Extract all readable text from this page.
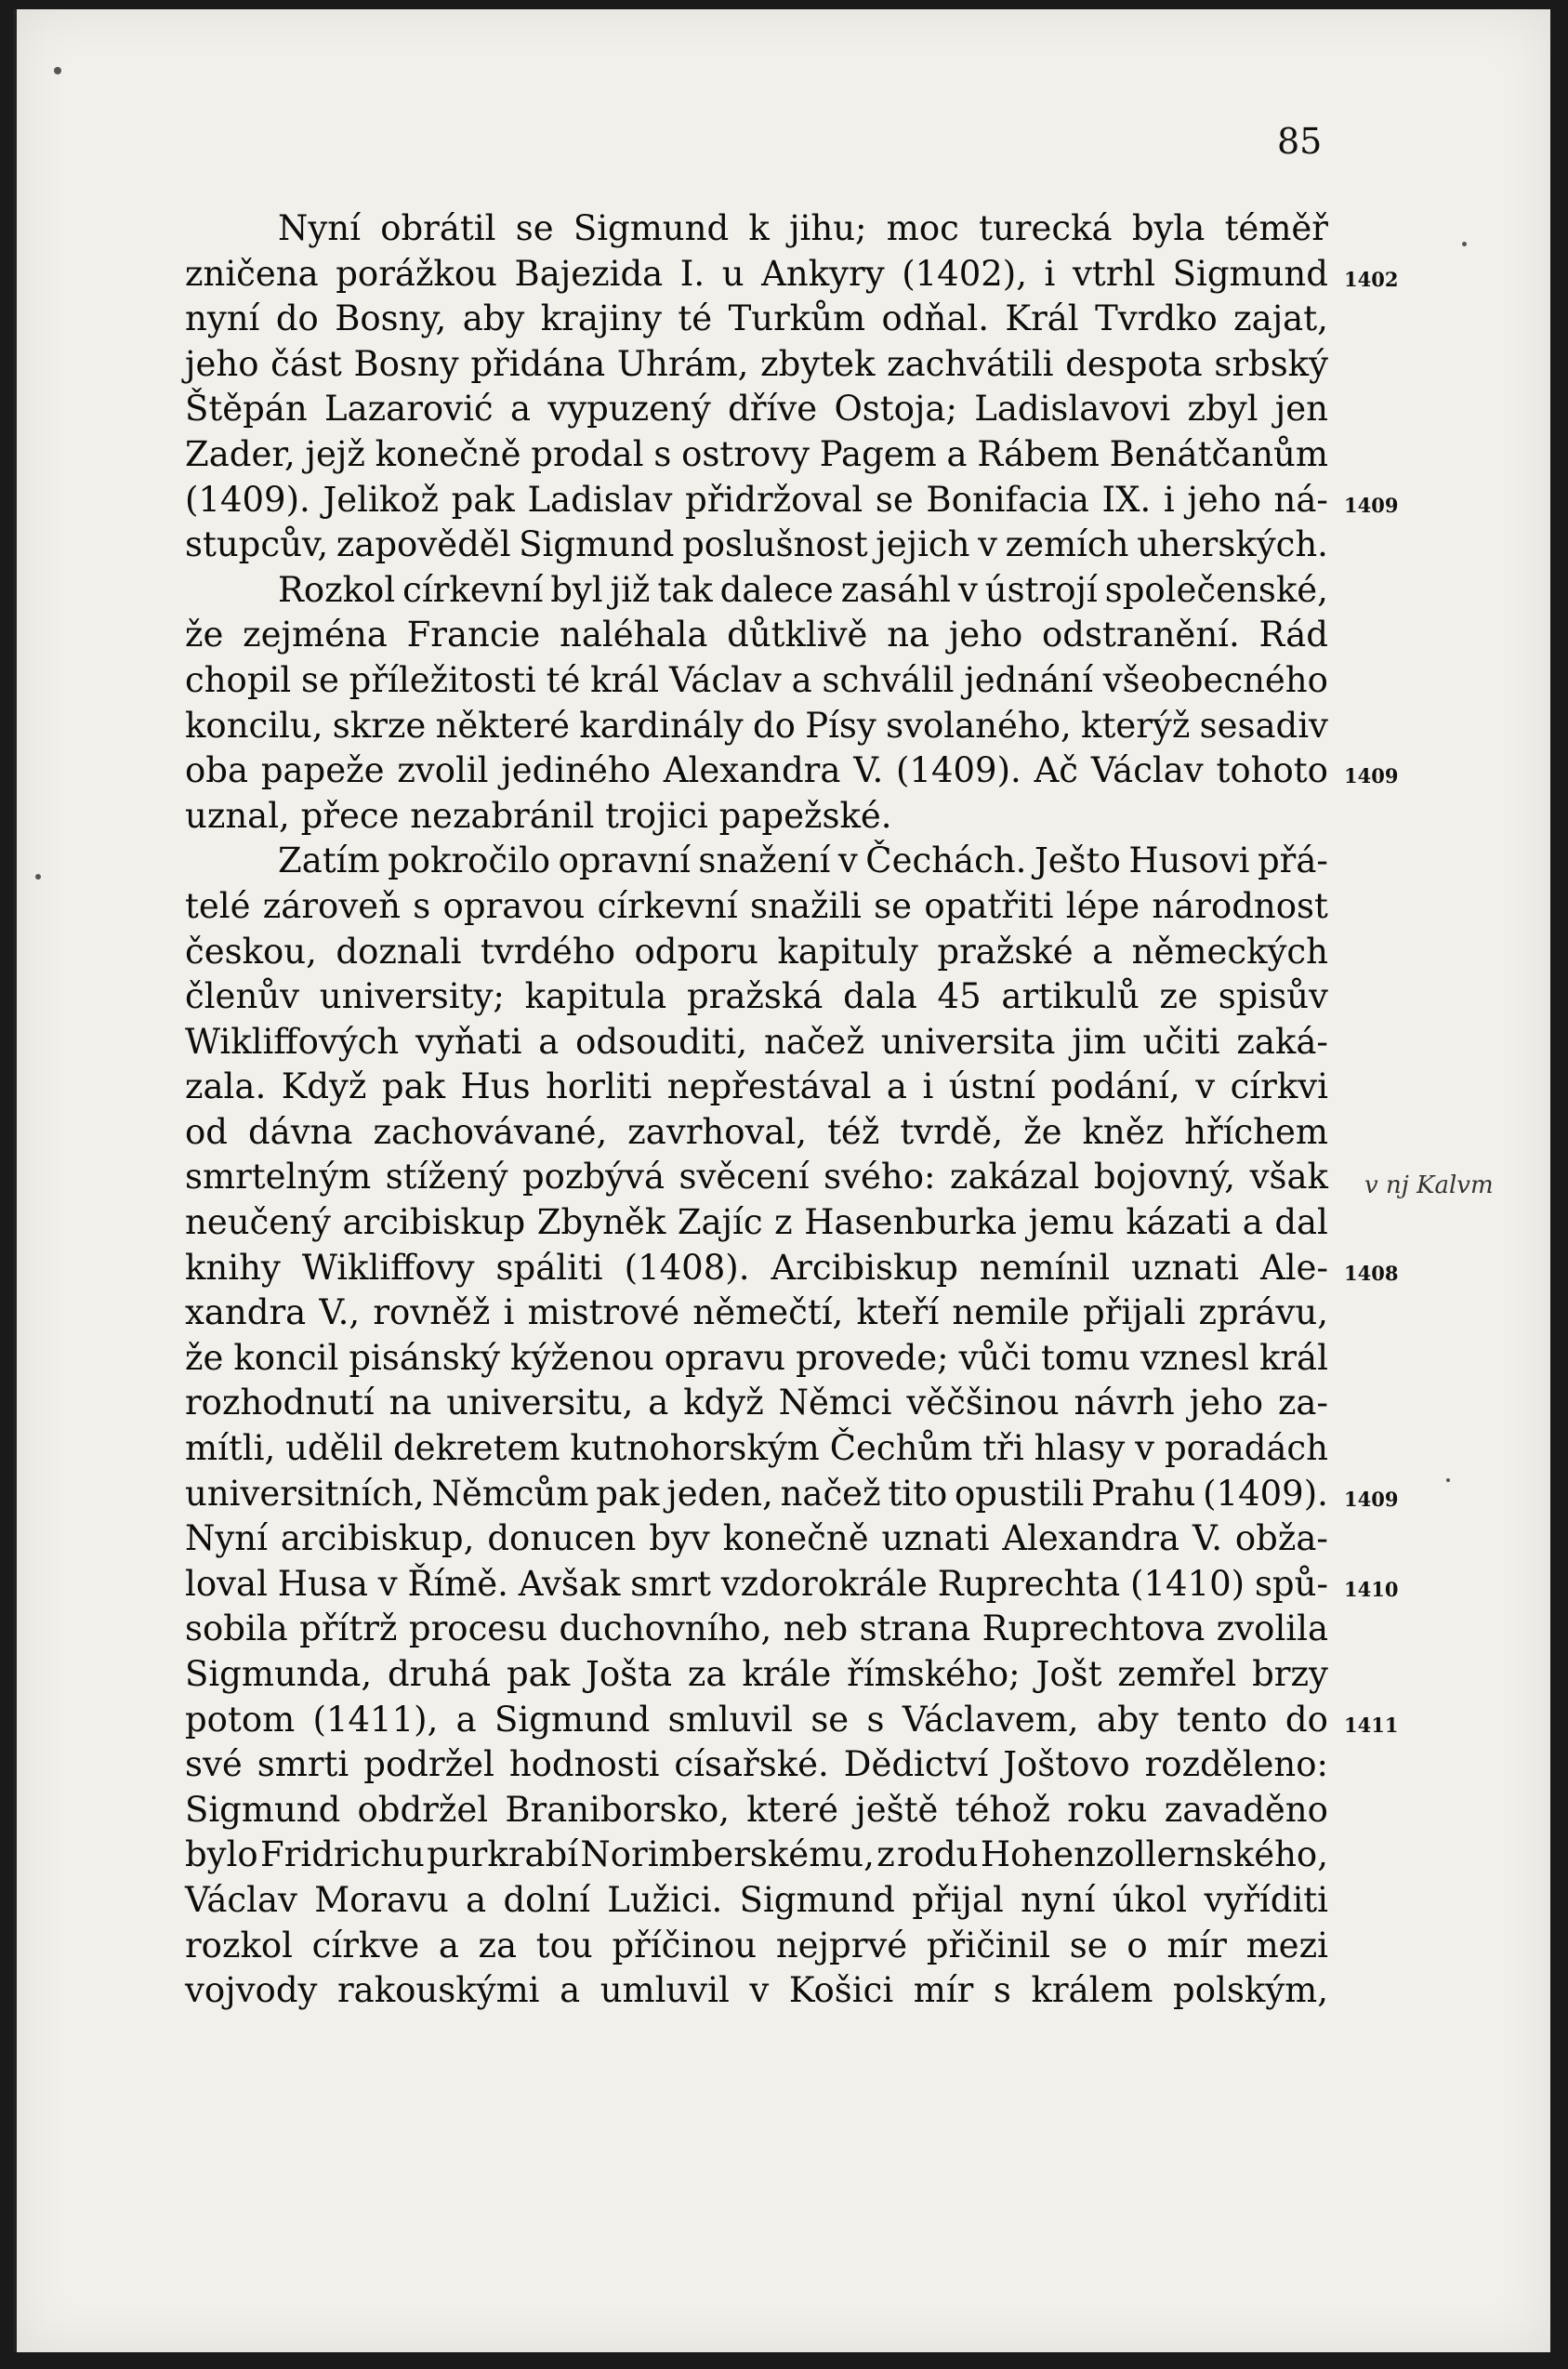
85
Nyní obrátil se Sigmund k jihu; moc turecká byla téměř
zničena porážkou Bajezida I. u Ankyry (1402), i vtrhl Sigmund
nyní do Bosny, aby krajiny té Turkům odňal. Král Tvrdko zajat,
jeho část Bosny přidána Uhrám, zbytek zachvátili despota srbský
Štěpán Lazarović a vypuzený dříve Ostoja; Ladislavovi zbyl jen
Zader, jejž konečně prodal s ostrovy Pagem a Rábem Benátčanům
(1409). Jelikož pak Ladislav přidržoval se Bonifacia IX. i jeho ná-
stupcův, zapověděl Sigmund poslušnost jejich v zemích uherských.
Rozkol církevní byl již tak dalece zasáhl v ústrojí společenské,
že zejména Francie naléhala důtklivě na jeho odstranění. Rád
chopil se příležitosti té král Václav a schválil jednání všeobecného
koncilu, skrze některé kardinály do Písy svolaného, kterýž sesadiv
oba papeže zvolil jediného Alexandra V. (1409). Ač Václav tohoto
uznal, přece nezabránil trojici papežské.
Zatím pokročilo opravní snažení v Čechách. Ješto Husovi přá-
telé zároveň s opravou církevní snažili se opatřiti lépe národnost
českou, doznali tvrdého odporu kapituly pražské a německých
členův university; kapitula pražská dala 45 artikulů ze spisův
Wikliffových vyňati a odsouditi, načež universita jim učiti zaká-
zala. Když pak Hus horliti nepřestával a i ústní podání, v církvi
od dávna zachovávané, zavrhoval, též tvrdě, že kněz hříchem
smrtelným stížený pozbývá svěcení svého: zakázal bojovný, však
neučený arcibiskup Zbyněk Zajíc z Hasenburka jemu kázati a dal
knihy Wikliffovy spáliti (1408). Arcibiskup nemínil uznati Ale-
xandra V., rovněž i mistrové němečtí, kteří nemile přijali zprávu,
že koncil pisánský kýženou opravu provede; vůči tomu vznesl král
rozhodnutí na universitu, a když Němci věčšinou návrh jeho za-
mítli, udělil dekretem kutnohorským Čechům tři hlasy v poradách
universitních, Němcům pak jeden, načež tito opustili Prahu (1409).
Nyní arcibiskup, donucen byv konečně uznati Alexandra V. obža-
loval Husa v Římě. Avšak smrt vzdorokrále Ruprechta (1410) spů-
sobila přítrž procesu duchovního, neb strana Ruprechtova zvolila
Sigmunda, druhá pak Jošta za krále římského; Jošt zemřel brzy
potom (1411), a Sigmund smluvil se s Václavem, aby tento do
své smrti podržel hodnosti císařské. Dědictví Joštovo rozděleno:
Sigmund obdržel Braniborsko, které ještě téhož roku zavaděno
bylo Fridrichu purkrabí Norimberskému, z rodu Hohenzollernského,
Václav Moravu a dolní Lužici. Sigmund přijal nyní úkol vyříditi
rozkol církve a za tou příčinou nejprvé přičinil se o mír mezi
vojvody rakouskými a umluvil v Košici mír s králem polským,
1402
1409
1409
1408
1409
1410
1411
v nj Kalvm
